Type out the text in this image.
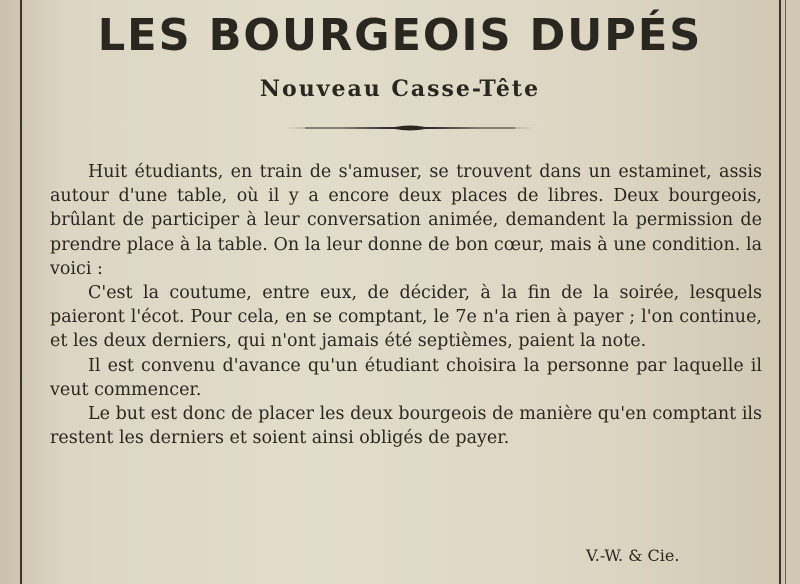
LES BOURGEOIS DUPÉS
Nouveau Casse-Tête

Huit étudiants, en train de s'amuser, se trouvent dans un estaminet, assis autour d'une table, où il y a encore deux places de libres. Deux bourgeois, brûlant de participer à leur conversation animée, demandent la permission de prendre place à la table. On la leur donne de bon cœur, mais à une condition. la voici :

C'est la coutume, entre eux, de décider, à la fin de la soirée, lesquels paieront l'écot. Pour cela, en se comptant, le 7e n'a rien à payer ; l'on continue, et les deux derniers, qui n'ont jamais été septièmes, paient la note.

Il est convenu d'avance qu'un étudiant choisira la personne par laquelle il veut commencer.

Le but est donc de placer les deux bourgeois de manière qu'en comptant ils restent les derniers et soient ainsi obligés de payer.

V.-W. & Cie.
